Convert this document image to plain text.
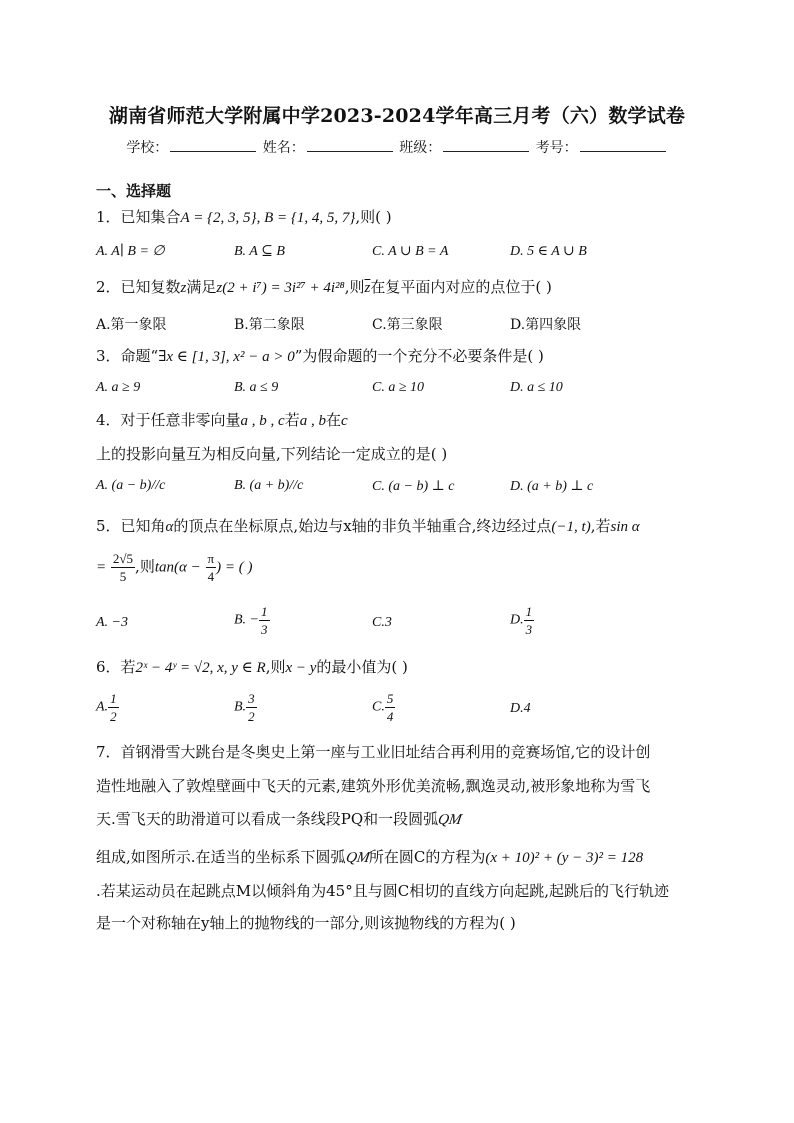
湖南省师范大学附属中学2023-2024学年高三月考（六）数学试卷
学校：	姓名：	班级：	考号：
一、选择题
1．已知集合A = {2, 3, 5}, B = {1, 4, 5, 7},则( )
A. A∣ B = ∅	B. A ⊆ B	C. A ∪ B = A	D. 5 ∈ A ∪ B
2．已知复数z满足z(2 + i⁷) = 3i²⁷ + 4i²⁸,则$\overline{z}$在复平面内对应的点位于( )
A.第一象限	B.第二象限	C.第三象限	D.第四象限
3．命题“∃x ∈ [1, 3], x² − a > 0”为假命题的一个充分不必要条件是( )
A. a ≥ 9	B. a ≤ 9	C. a ≥ 10	D. a ≤ 10
4．对于任意非零向量a , b , c若a , b在c
上的投影向量互为相反向量,下列结论一定成立的是( )
A. (a − b)//c	B. (a + b)//c	C. (a − b) ⊥ c	D. (a + b) ⊥ c
5．已知角α的顶点在坐标原点,始边与x轴的非负半轴重合,终边经过点(−1, t),若sin α
= $\frac{2√5}{5}$ ,则$\tan(\alpha - \frac{\pi}{4}$ ) = ( )
A. −3	B. − $\frac{1}{3}$	C.3	D. $\frac{1}{3}$
6．若2ˣ − 4ʸ = √2, x, y ∈ R,则x − y的最小值为( )
A. $\frac{1}{2}$	B. $\frac{3}{2}$	C. $\frac{5}{4}$	D.4
7．首钢滑雪大跳台是冬奥史上第一座与工业旧址结合再利用的竞赛场馆,它的设计创
造性地融入了敦煌壁画中飞天的元素,建筑外形优美流畅,飘逸灵动,被形象地称为雪飞
天.雪飞天的助滑道可以看成一条线段PQ和一段圆弧QM
组成,如图所示.在适当的坐标系下圆弧QM所在圆C的方程为(x + 10)² + (y − 3)² = 128
.若某运动员在起跳点M以倾斜角为45°且与圆C相切的直线方向起跳,起跳后的飞行轨迹
是一个对称轴在y轴上的抛物线的一部分,则该抛物线的方程为( )
